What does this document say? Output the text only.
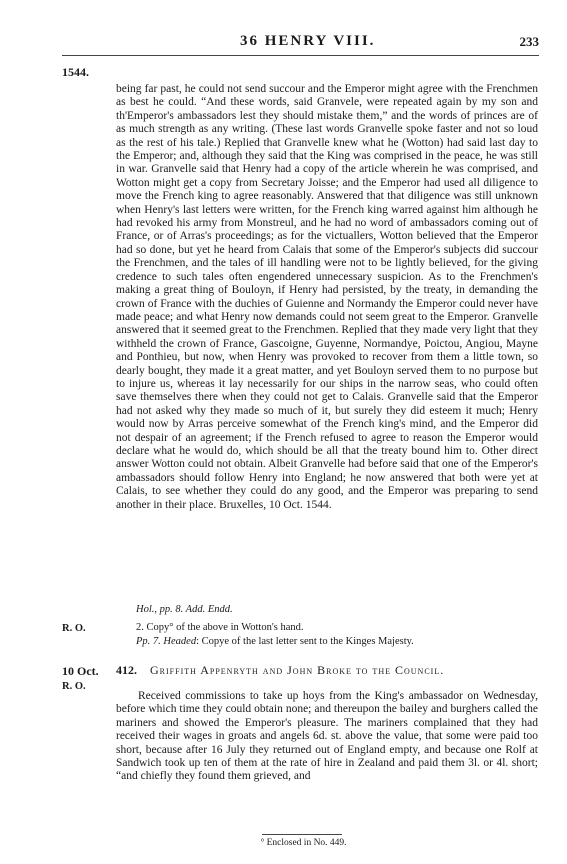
36 HENRY VIII.	233
1544.

being far past, he could not send succour and the Emperor might agree with the Frenchmen as best he could. “And these words, said Granvele, were repeated again by my son and th'Emperor's ambassadors lest they should mistake them,” and the words of princes are of as much strength as any writing. (These last words Granvelle spoke faster and not so loud as the rest of his tale.) Replied that Granvelle knew what he (Wotton) had said last day to the Emperor; and, although they said that the King was comprised in the peace, he was still in war. Granvelle said that Henry had a copy of the article wherein he was comprised, and Wotton might get a copy from Secretary Joisse; and the Emperor had used all diligence to move the French king to agree reasonably. Answered that that diligence was still unknown when Henry's last letters were written, for the French king warred against him although he had revoked his army from Monstreul, and he had no word of ambassadors coming out of France, or of Arras's proceedings; as for the victuallers, Wotton believed that the Emperor had so done, but yet he heard from Calais that some of the Emperor's subjects did succour the Frenchmen, and the tales of ill handling were not to be lightly believed, for the giving credence to such tales often engendered unnecessary suspicion. As to the Frenchmen's making a great thing of Bouloyn, if Henry had persisted, by the treaty, in demanding the crown of France with the duchies of Guienne and Normandy the Emperor could never have made peace; and what Henry now demands could not seem great to the Emperor. Granvelle answered that it seemed great to the Frenchmen. Replied that they made very light that they withheld the crown of France, Gascoigne, Guyenne, Normandye, Poictou, Angiou, Mayne and Ponthieu, but now, when Henry was provoked to recover from them a little town, so dearly bought, they made it a great matter, and yet Bouloyn served them to no purpose but to injure us, whereas it lay necessarily for our ships in the narrow seas, who could often save themselves there when they could not get to Calais. Granvelle said that the Emperor had not asked why they made so much of it, but surely they did esteem it much; Henry would now by Arras perceive somewhat of the French king's mind, and the Emperor did not despair of an agreement; if the French refused to agree to reason the Emperor would declare what he would do, which should be all that the treaty bound him to. Other direct answer Wotton could not obtain. Albeit Granvelle had before said that one of the Emperor's ambassadors should follow Henry into England; he now answered that both were yet at Calais, to see whether they could do any good, and the Emperor was preparing to send another in their place. Bruxelles, 10 Oct. 1544.

Hol., pp. 8. Add. Endd.
R. O.	2. Copy° of the above in Wotton's hand.
Pp. 7. Headed: Copye of the last letter sent to the Kinges Majesty.
10 Oct.
R. O.
412. Griffith Appenryth and John Broke to the Council.

Received commissions to take up hoys from the King's ambassador on Wednesday, before which time they could obtain none; and thereupon the bailey and burghers called the mariners and showed the Emperor's pleasure. The mariners complained that they had received their wages in groats and angels 6d. st. above the value, that some were paid too short, because after 16 July they returned out of England empty, and because one Rolf at Sandwich took up ten of them at the rate of hire in Zealand and paid them 3l. or 4l. short; “and chiefly they found them grieved, and

° Enclosed in No. 449.
